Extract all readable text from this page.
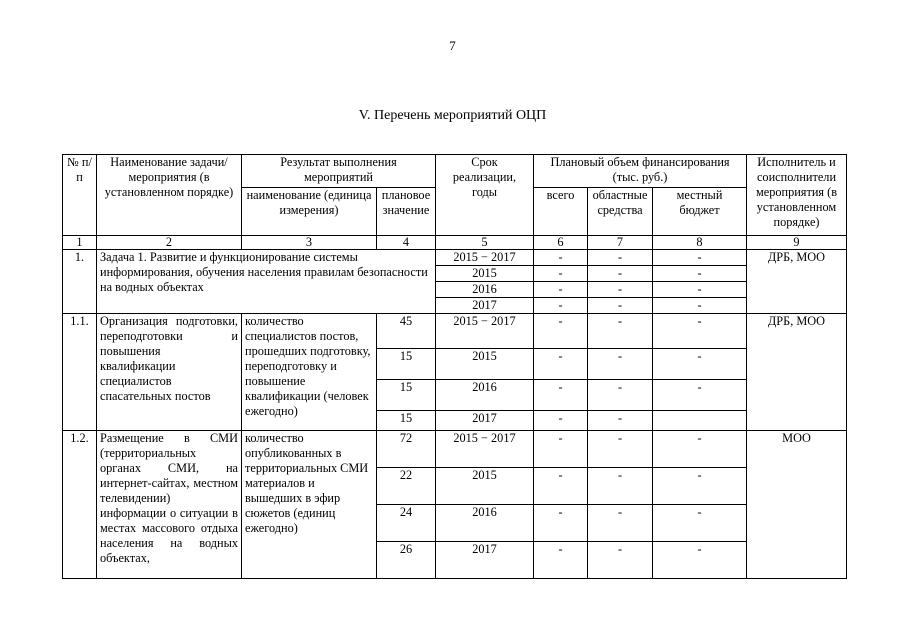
7
V. Перечень мероприятий ОЦП
№ п/п	Наименование задачи/мероприятия (в установленном порядке)	Результат выполнения мероприятий		Срок реализации, годы	Плановый объем финансирования (тыс. руб.)			Исполнитель и соисполнители мероприятия (в установленном порядке)
		наименование (единица измерения)	плановое значение		всего	областные средства	местный бюджет	
1	2	3	4	5	6	7	8	9
1.	Задача 1. Развитие и функционирование системы информирования, обучения населения правилам безопасности на водных объектах			2015 − 2017	-	-	-	ДРБ, МОО
				2015	-	-	-	
				2016	-	-	-	
				2017	-	-	-	
1.1.	Организация подготовки, переподготовки и повышения квалификации специалистов спасательных постов	количество специалистов постов, прошедших подготовку, переподготовку и повышение квалификации (человек ежегодно)	45	2015 − 2017	-	-	-	ДРБ, МОО
			15	2015	-	-	-	
			15	2016	-	-	-	
			15	2017	-	-		
1.2.	Размещение в СМИ (территориальных органах СМИ, на интернет-сайтах, местном телевидении) информации о ситуации в местах массового отдыха населения на водных объектах,	количество опубликованных в территориальных СМИ материалов и вышедших в эфир сюжетов (единиц ежегодно)	72	2015 − 2017	-	-	-	МОО
			22	2015	-	-	-	
			24	2016	-	-	-	
			26	2017	-	-	-	
